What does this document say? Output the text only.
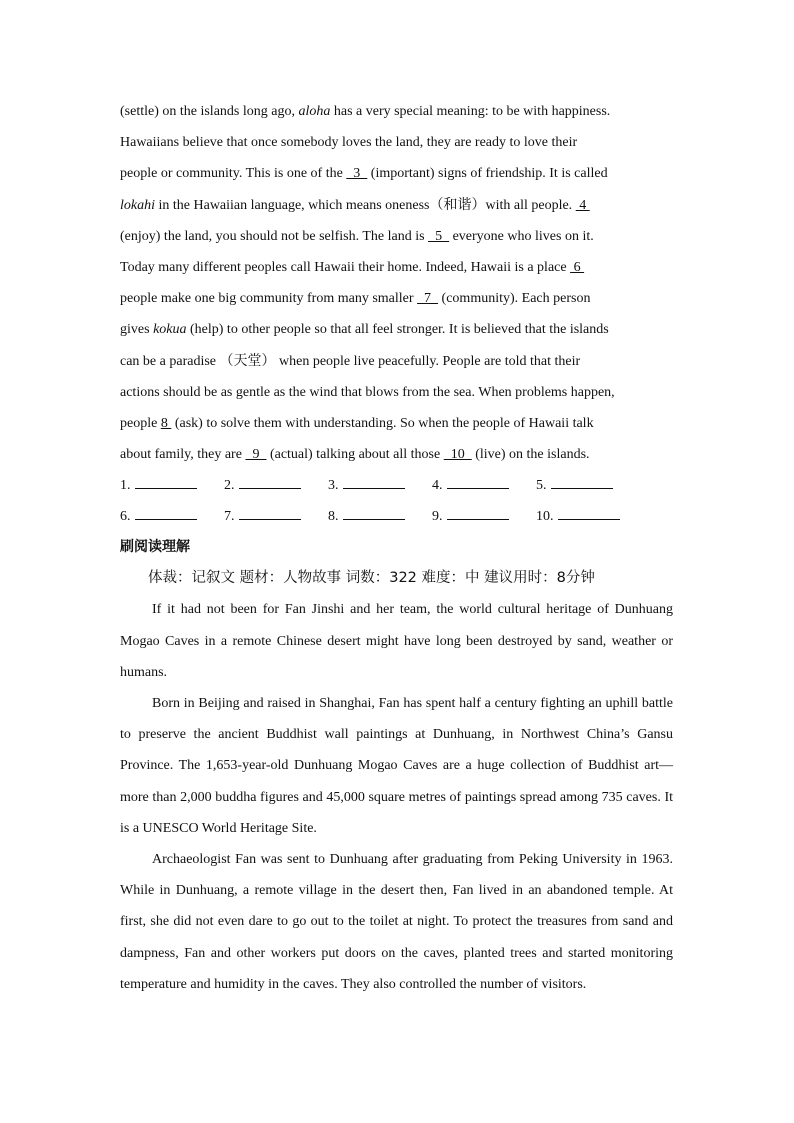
(settle) on the islands long ago, aloha has a very special meaning: to be with happiness.

Hawaiians believe that once somebody loves the land, they are ready to love their

people or community. This is one of the   3   (important) signs of friendship. It is called

lokahi in the Hawaiian language, which means oneness（和谐）with all people.  4

(enjoy) the land, you should not be selfish. The land is   5   everyone who lives on it.

Today many different peoples call Hawaii their home. Indeed, Hawaii is a place  6

people make one big community from many smaller   7   (community). Each person

gives kokua (help) to other people so that all feel stronger. It is believed that the islands

can be a paradise （天堂） when people live peacefully. People are told that their

actions should be as gentle as the wind that blows from the sea. When problems happen,

people 8  (ask) to solve them with understanding. So when the people of Hawaii talk

about family, they are   9   (actual) talking about all those   10   (live) on the islands.

1.	2.	3.	4.	5.
6.	7.	8.	9.	10.

刷阅读理解

体裁：记叙文 题材：人物故事 词数：322 难度：中 建议用时：8分钟

If it had not been for Fan Jinshi and her team, the world cultural heritage of Dunhuang Mogao Caves in a remote Chinese desert might have long been destroyed by sand, weather or humans.

Born in Beijing and raised in Shanghai, Fan has spent half a century fighting an uphill battle to preserve the ancient Buddhist wall paintings at Dunhuang, in Northwest China’s Gansu Province. The 1,653-year-old Dunhuang Mogao Caves are a huge collection of Buddhist art—more than 2,000 buddha figures and 45,000 square metres of paintings spread among 735 caves. It is a UNESCO World Heritage Site.

Archaeologist Fan was sent to Dunhuang after graduating from Peking University in 1963. While in Dunhuang, a remote village in the desert then, Fan lived in an abandoned temple. At first, she did not even dare to go out to the toilet at night. To protect the treasures from sand and dampness, Fan and other workers put doors on the caves, planted trees and started monitoring temperature and humidity in the caves. They also controlled the number of visitors.
